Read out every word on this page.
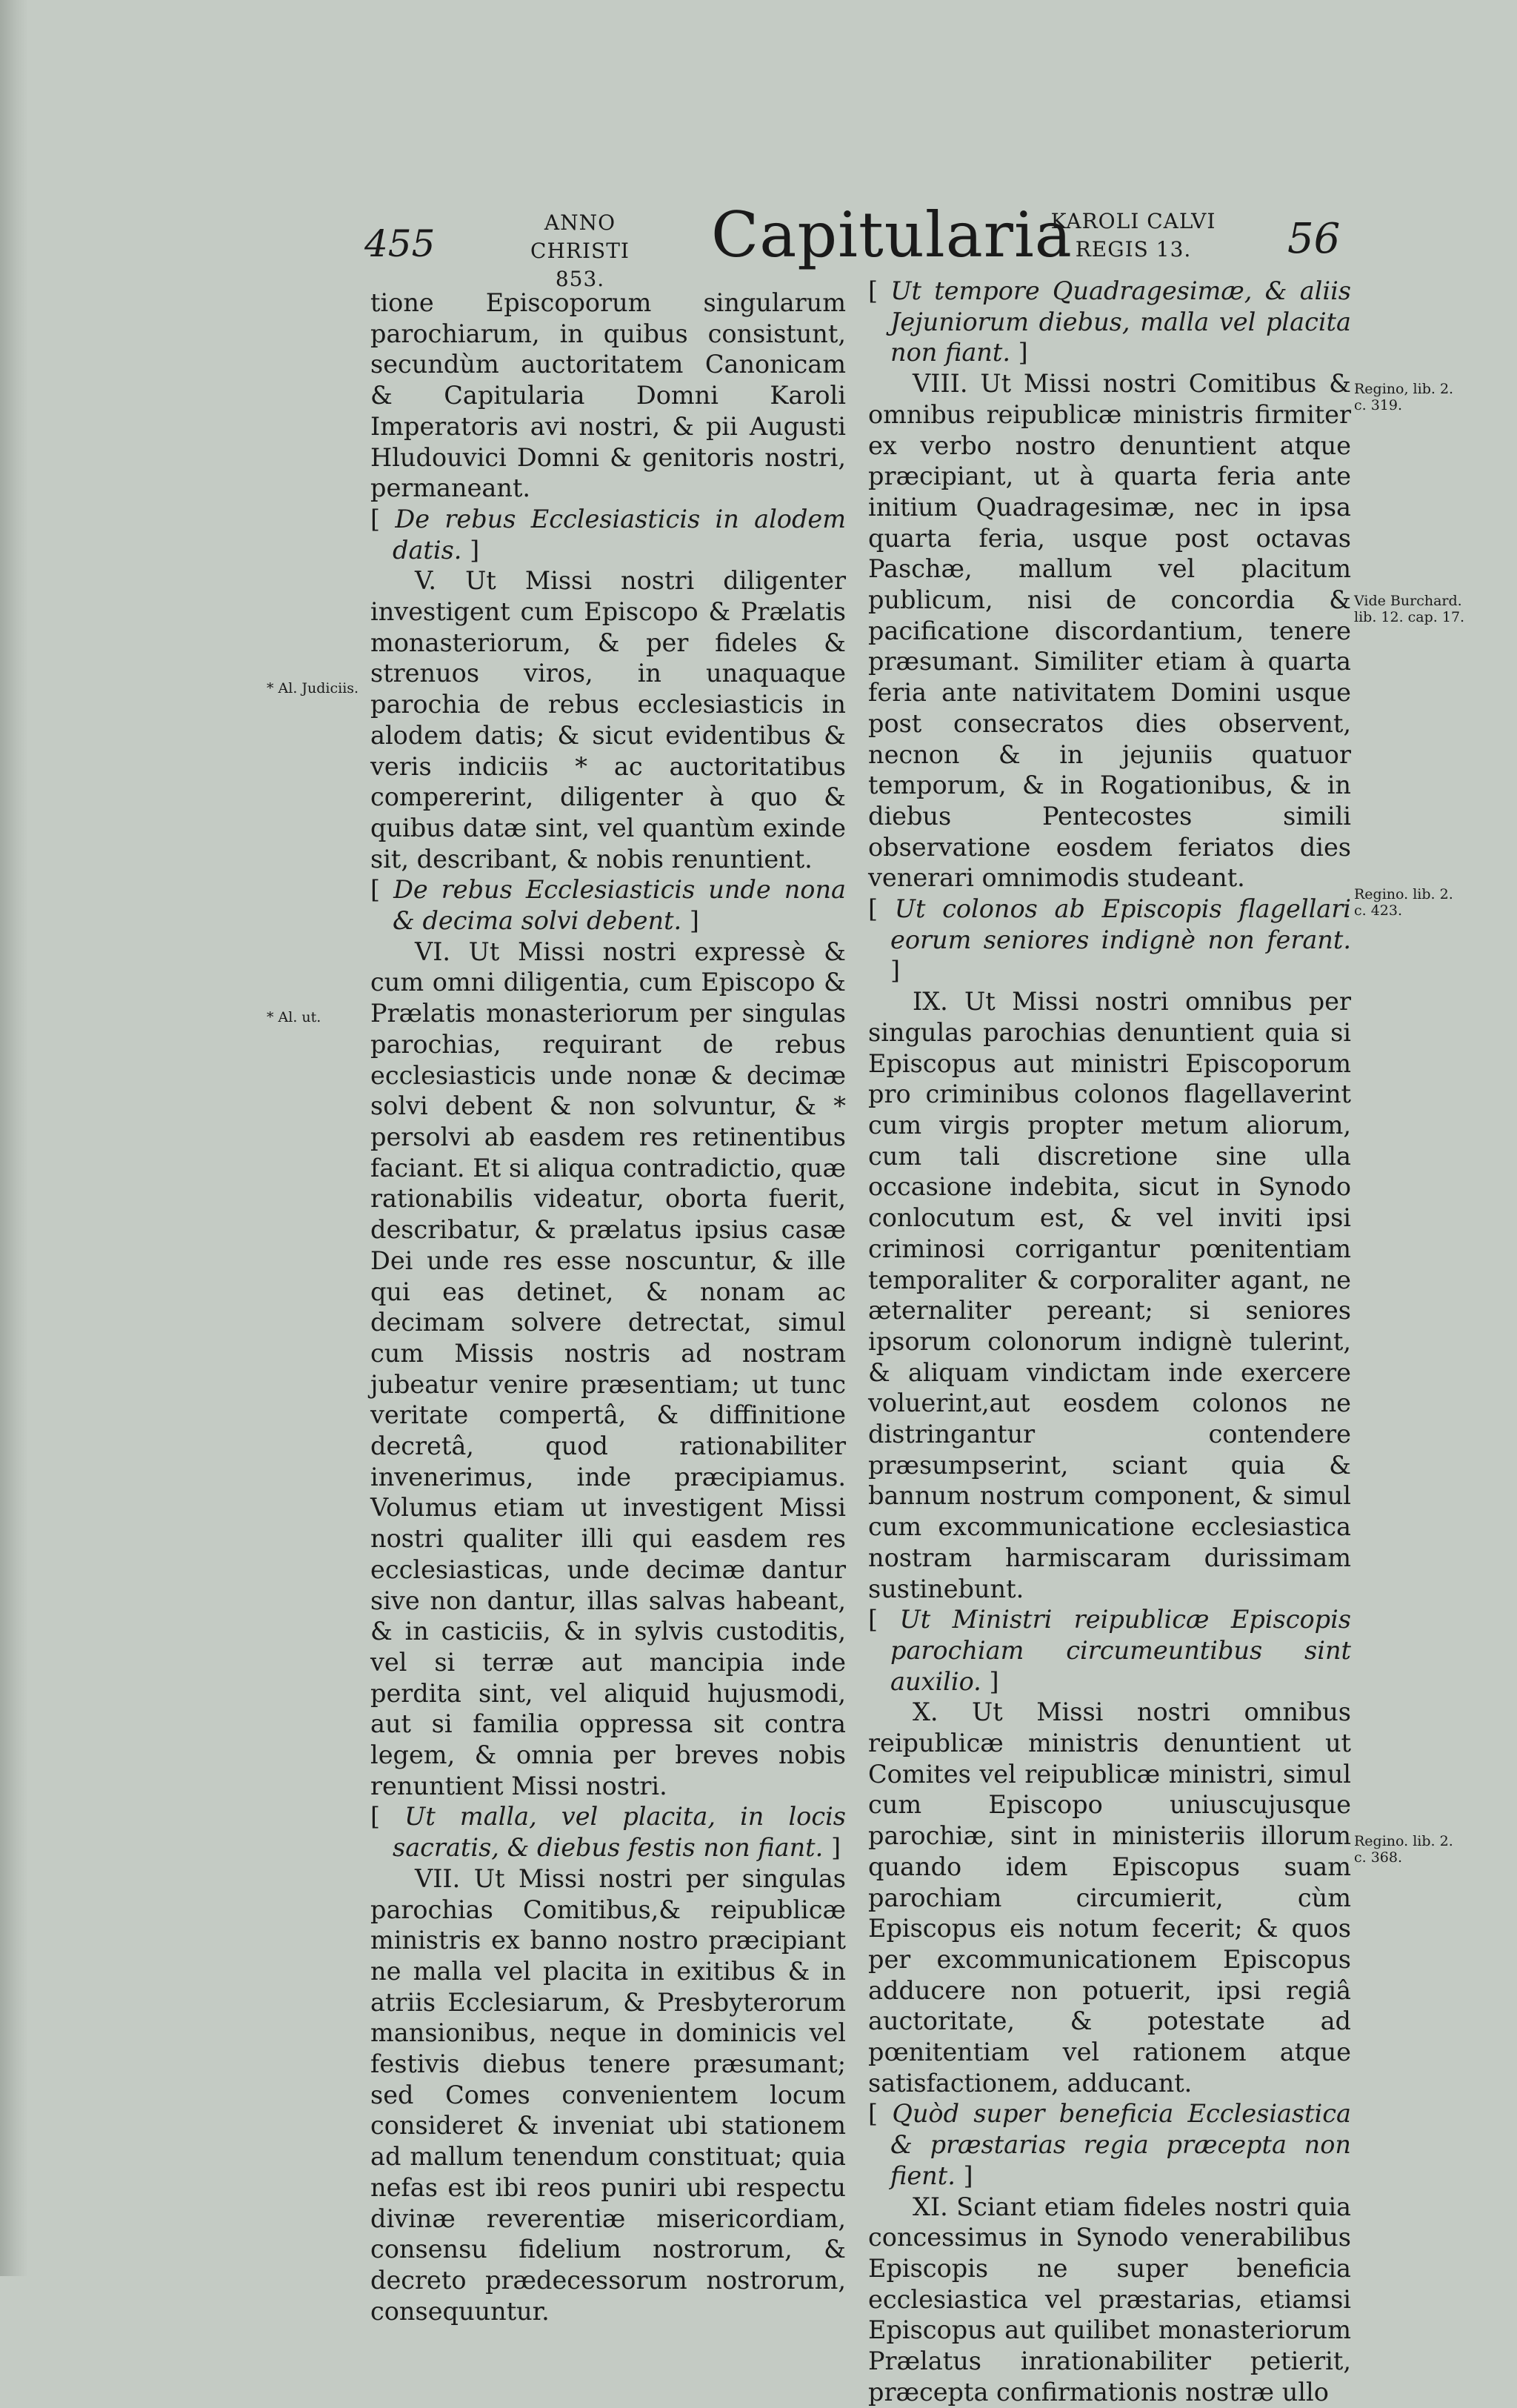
455	ANNO CHRISTI
853.
Capitularia
KAROLI CALVI
REGIS 13.	56

tione Episcoporum singularum parochiarum, in quibus consistunt, secundùm auctoritatem Canonicam & Capitularia Domni Karoli Imperatoris avi nostri, & pii Augusti Hludouvici Domni & genitoris nostri, permaneant.

[ De rebus Ecclesiasticis in alodem datis. ]

V. Ut Missi nostri diligenter investigent cum Episcopo & Prælatis monasteriorum, & per fideles & strenuos viros, in unaquaque parochia de rebus ecclesiasticis in alodem datis; & sicut evidentibus & veris indiciis * ac auctoritatibus compererint, diligenter à quo & quibus datæ sint, vel quantùm exinde sit, describant, & nobis renuntient.

[ De rebus Ecclesiasticis unde nona & decima solvi debent. ]

VI. Ut Missi nostri expressè & cum omni diligentia, cum Episcopo & Prælatis monasteriorum per singulas parochias, requirant de rebus ecclesiasticis unde nonæ & decimæ solvi debent & non solvuntur, & * persolvi ab easdem res retinentibus faciant. Et si aliqua contradictio, quæ rationabilis videatur, oborta fuerit, describatur, & prælatus ipsius casæ Dei unde res esse noscuntur, & ille qui eas detinet, & nonam ac decimam solvere detrectat, simul cum Missis nostris ad nostram jubeatur venire præsentiam; ut tunc veritate compertâ, & diffinitione decretâ, quod rationabiliter invenerimus, inde præcipiamus. Volumus etiam ut investigent Missi nostri qualiter illi qui easdem res ecclesiasticas, unde decimæ dantur sive non dantur, illas salvas habeant, & in casticiis, & in sylvis custoditis, vel si terræ aut mancipia inde perdita sint, vel aliquid hujusmodi, aut si familia oppressa sit contra legem, & omnia per breves nobis renuntient Missi nostri.

[ Ut malla, vel placita, in locis sacratis, & diebus festis non fiant. ]

VII. Ut Missi nostri per singulas parochias Comitibus,& reipublicæ ministris ex banno nostro præcipiant ne malla vel placita in exitibus & in atriis Ecclesiarum, & Presbyterorum mansionibus, neque in dominicis vel festivis diebus tenere præsumant; sed Comes convenientem locum consideret & inveniat ubi stationem ad mallum tenendum constituat; quia nefas est ibi reos puniri ubi respectu divinæ reverentiæ misericordiam, consensu fidelium nostrorum, & decreto prædecessorum nostrorum, consequuntur.

[ Ut tempore Quadragesimæ, & aliis Jejuniorum diebus, malla vel placita non fiant. ]

VIII. Ut Missi nostri Comitibus & omnibus reipublicæ ministris firmiter ex verbo nostro denuntient atque præcipiant, ut à quarta feria ante initium Quadragesimæ, nec in ipsa quarta feria, usque post octavas Paschæ, mallum vel placitum publicum, nisi de concordia & pacificatione discordantium, tenere præsumant. Similiter etiam à quarta feria ante nativitatem Domini usque post consecratos dies observent, necnon & in jejuniis quatuor temporum, & in Rogationibus, & in diebus Pentecostes simili observatione eosdem feriatos dies venerari omnimodis studeant.

[ Ut colonos ab Episcopis flagellari eorum seniores indignè non ferant. ]

IX. Ut Missi nostri omnibus per singulas parochias denuntient quia si Episcopus aut ministri Episcoporum pro criminibus colonos flagellaverint cum virgis propter metum aliorum, cum tali discretione sine ulla occasione indebita, sicut in Synodo conlocutum est, & vel inviti ipsi criminosi corrigantur pœnitentiam temporaliter & corporaliter agant, ne æternaliter pereant; si seniores ipsorum colonorum indignè tulerint, & aliquam vindictam inde exercere voluerint,aut eosdem colonos ne distringantur contendere præsumpserint, sciant quia & bannum nostrum component, & simul cum excommunicatione ecclesiastica nostram harmiscaram durissimam sustinebunt.

[ Ut Ministri reipublicæ Episcopis parochiam circumeuntibus sint auxilio. ]

X. Ut Missi nostri omnibus reipublicæ ministris denuntient ut Comites vel reipublicæ ministri, simul cum Episcopo uniuscujusque parochiæ, sint in ministeriis illorum quando idem Episcopus suam parochiam circumierit, cùm Episcopus eis notum fecerit; & quos per excommunicationem Episcopus adducere non potuerit, ipsi regiâ auctoritate, & potestate ad pœnitentiam vel rationem atque satisfactionem, adducant.

[ Quòd super beneficia Ecclesiastica & præstarias regia præcepta non fient. ]

XI. Sciant etiam fideles nostri quia concessimus in Synodo venerabilibus Episcopis ne super beneficia ecclesiastica vel præstarias, etiamsi Episcopus aut quilibet monasteriorum Prælatus inrationabiliter petierit, præcepta confirmationis nostræ ullo

* Al. Judiciis.
* Al. ut.
Regino, lib. 2. c. 319.
Vide Burchard. lib. 12. cap. 17.
Regino. lib. 2. c. 423.
Regino. lib. 2. c. 368.
